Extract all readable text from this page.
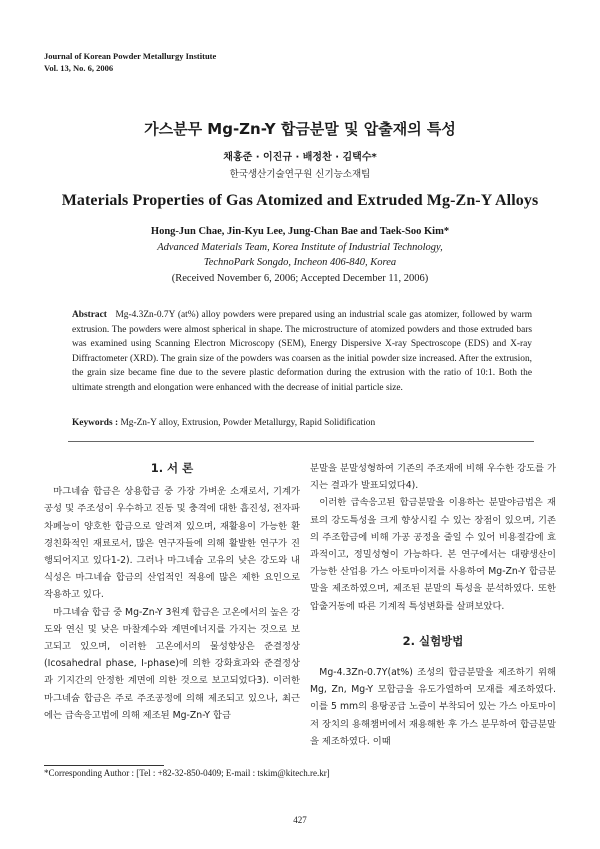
Journal of Korean Powder Metallurgy Institute
Vol. 13, No. 6, 2006
가스분무 Mg-Zn-Y 합금분말 및 압출재의 특성
채홍준 · 이진규 · 배정찬 · 김택수*
한국생산기술연구원 신기능소재팀
Materials Properties of Gas Atomized and Extruded Mg-Zn-Y Alloys
Hong-Jun Chae, Jin-Kyu Lee, Jung-Chan Bae and Taek-Soo Kim*
Advanced Materials Team, Korea Institute of Industrial Technology,
TechnoPark Songdo, Incheon 406-840, Korea
(Received November 6, 2006; Accepted December 11, 2006)
Abstract Mg-4.3Zn-0.7Y (at%) alloy powders were prepared using an industrial scale gas atomizer, followed by warm extrusion. The powders were almost spherical in shape. The microstructure of atomized powders and those extruded bars was examined using Scanning Electron Microscopy (SEM), Energy Dispersive X-ray Spectroscope (EDS) and X-ray Diffractometer (XRD). The grain size of the powders was coarsen as the initial powder size increased. After the extrusion, the grain size became fine due to the severe plastic deformation during the extrusion with the ratio of 10:1. Both the ultimate strength and elongation were enhanced with the decrease of initial particle size.
Keywords : Mg-Zn-Y alloy, Extrusion, Powder Metallurgy, Rapid Solidification
1. 서 론

마그네슘 합금은 상용합금 중 가장 가벼운 소재로서, 기계가공성 및 주조성이 우수하고 진동 및 충격에 대한 흡진성, 전자파차폐능이 양호한 합금으로 알려져 있으며, 재활용이 가능한 환경친화적인 재료로서, 많은 연구자들에 의해 활발한 연구가 진행되어지고 있다1-2). 그러나 마그네슘 고유의 낮은 강도와 내식성은 마그네슘 합금의 산업적인 적용에 많은 제한 요인으로 작용하고 있다.

마그네슘 합금 중 Mg-Zn-Y 3원계 합금은 고온에서의 높은 강도와 연신 및 낮은 마찰계수와 계면에너지를 가지는 것으로 보고되고 있으며, 이러한 고온에서의 물성향상은 준결정상(Icosahedral phase, I-phase)에 의한 강화효과와 준결정상과 기지간의 안정한 계면에 의한 것으로 보고되었다3). 이러한 마그네슘 합금은 주로 주조공정에 의해 제조되고 있으나, 최근에는 급속응고법에 의해 제조된 Mg-Zn-Y 합금

분말을 분말성형하여 기존의 주조재에 비해 우수한 강도를 가지는 결과가 발표되었다4).

이러한 급속응고된 합금분말을 이용하는 분말야금법은 재료의 강도특성을 크게 향상시킬 수 있는 장점이 있으며, 기존의 주조합금에 비해 가공 공정을 줄일 수 있어 비용절감에 효과적이고, 정밀성형이 가능하다. 본 연구에서는 대량생산이 가능한 산업용 가스 아토마이저를 사용하여 Mg-Zn-Y 합금분말을 제조하였으며, 제조된 분말의 특성을 분석하였다. 또한 압출거동에 따른 기계적 특성변화를 살펴보았다.

2. 실험방법

Mg-4.3Zn-0.7Y(at%) 조성의 합금분말을 제조하기 위해 Mg, Zn, Mg-Y 모합금을 유도가열하여 모재를 제조하였다. 이를 5 mm의 용탕공급 노즐이 부착되어 있는 가스 아토마이저 장치의 용해챔버에서 재용해한 후 가스 분무하여 합금분말을 제조하였다. 이때

*Corresponding Author : [Tel : +82-32-850-0409; E-mail : tskim@kitech.re.kr]
427
